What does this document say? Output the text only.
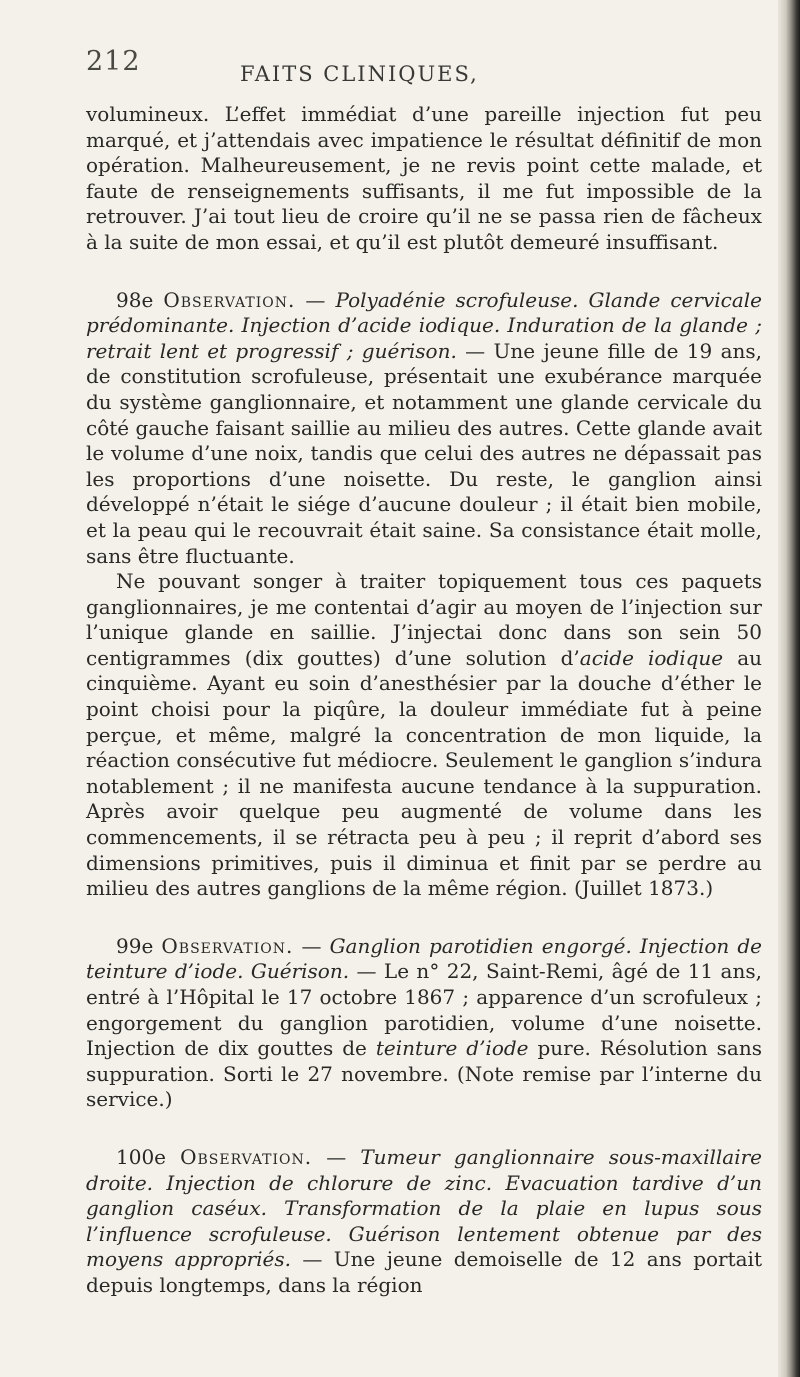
212	FAITS CLINIQUES,

volumineux. L’effet immédiat d’une pareille injection fut peu marqué, et j’attendais avec impatience le résultat définitif de mon opération. Malheureusement, je ne revis point cette malade, et faute de renseignements suffisants, il me fut impossible de la retrouver. J’ai tout lieu de croire qu’il ne se passa rien de fâcheux à la suite de mon essai, et qu’il est plutôt demeuré insuffisant.

98e Observation. — Polyadénie scrofuleuse. Glande cervicale prédominante. Injection d’acide iodique. Induration de la glande ; retrait lent et progressif ; guérison. — Une jeune fille de 19 ans, de constitution scrofuleuse, présentait une exubérance marquée du système ganglionnaire, et notamment une glande cervicale du côté gauche faisant saillie au milieu des autres. Cette glande avait le volume d’une noix, tandis que celui des autres ne dépassait pas les proportions d’une noisette. Du reste, le ganglion ainsi développé n’était le siége d’aucune douleur ; il était bien mobile, et la peau qui le recouvrait était saine. Sa consistance était molle, sans être fluctuante.

Ne pouvant songer à traiter topiquement tous ces paquets ganglionnaires, je me contentai d’agir au moyen de l’injection sur l’unique glande en saillie. J’injectai donc dans son sein 50 centigrammes (dix gouttes) d’une solution d’acide iodique au cinquième. Ayant eu soin d’anesthésier par la douche d’éther le point choisi pour la piqûre, la douleur immédiate fut à peine perçue, et même, malgré la concentration de mon liquide, la réaction consécutive fut médiocre. Seulement le ganglion s’indura notablement ; il ne manifesta aucune tendance à la suppuration. Après avoir quelque peu augmenté de volume dans les commencements, il se rétracta peu à peu ; il reprit d’abord ses dimensions primitives, puis il diminua et finit par se perdre au milieu des autres ganglions de la même région. (Juillet 1873.)

99e Observation. — Ganglion parotidien engorgé. Injection de teinture d’iode. Guérison. — Le n° 22, Saint-Remi, âgé de 11 ans, entré à l’Hôpital le 17 octobre 1867 ; apparence d’un scrofuleux ; engorgement du ganglion parotidien, volume d’une noisette. Injection de dix gouttes de teinture d’iode pure. Résolution sans suppuration. Sorti le 27 novembre. (Note remise par l’interne du service.)

100e Observation. — Tumeur ganglionnaire sous-maxillaire droite. Injection de chlorure de zinc. Evacuation tardive d’un ganglion caséux. Transformation de la plaie en lupus sous l’influence scrofuleuse. Guérison lentement obtenue par des moyens appropriés. — Une jeune demoiselle de 12 ans portait depuis longtemps, dans la région
